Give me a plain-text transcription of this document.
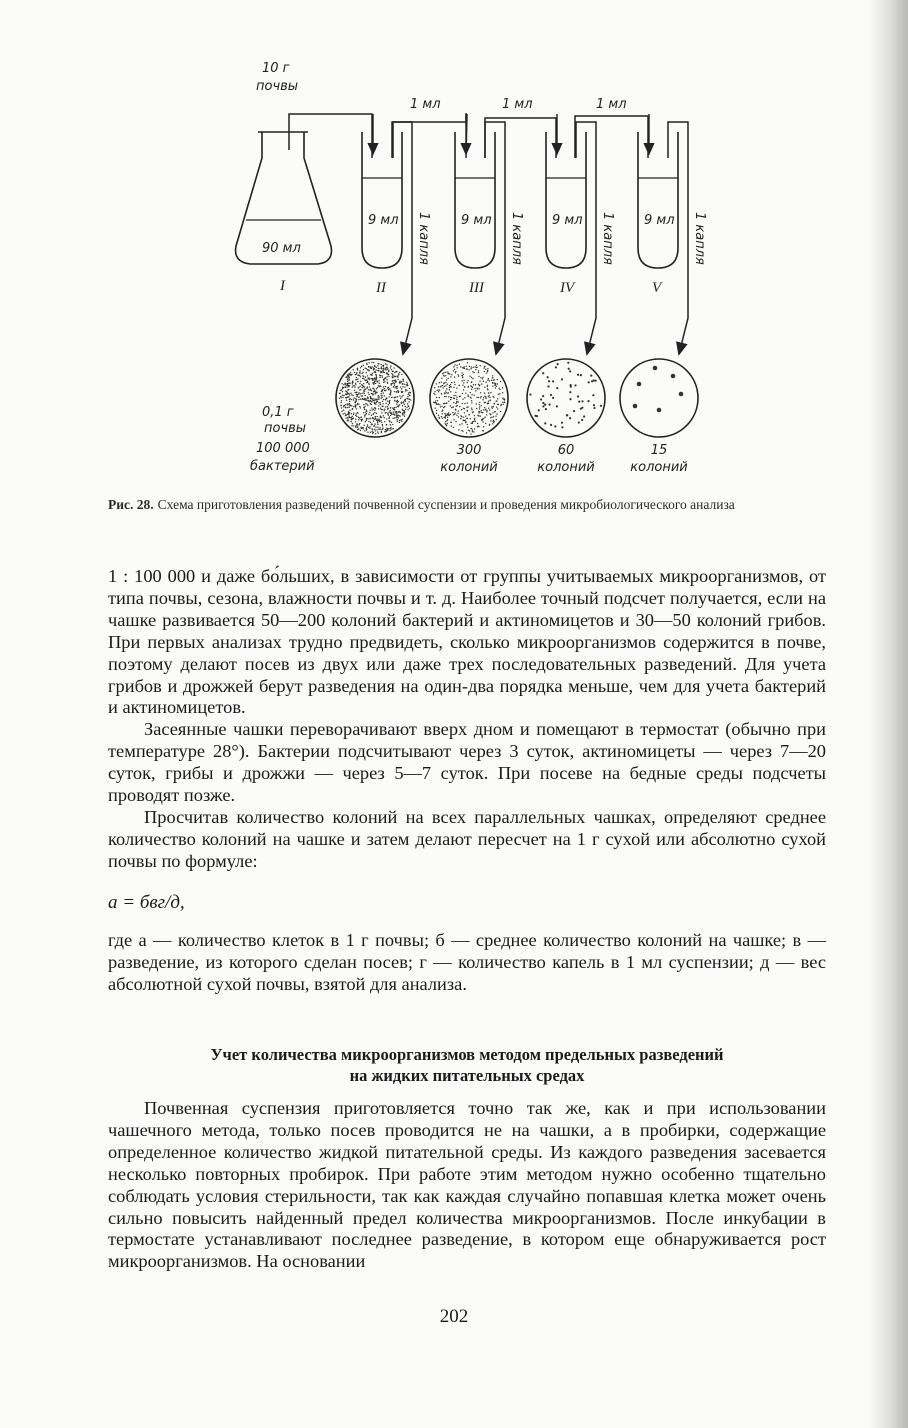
10 г
почвы
90 мл
I
1 мл	1 мл	1 мл
9 мл
II
1 капля 9 мл
III
1 капля 9 мл
IV
1 капля 9 мл
V
1 капля
0,1 г
почвы
100 000
бактерий
300
колоний
60
колоний
15
колоний
Рис. 28. Схема приготовления разведений почвенной суспензии и проведения микробиологического анализа

1 : 100 000 и даже бо́льших, в зависимости от группы учитываемых микроорганизмов, от типа почвы, сезона, влажности почвы и т. д. Наиболее точный подсчет получается, если на чашке развивается 50—200 колоний бактерий и актиномицетов и 30—50 колоний грибов. При первых анализах трудно предвидеть, сколько микроорганизмов содержится в почве, поэтому делают посев из двух или даже трех последовательных разведений. Для учета грибов и дрожжей берут разведения на один-два порядка меньше, чем для учета бактерий и актиномицетов.

Засеянные чашки переворачивают вверх дном и помещают в термостат (обычно при температуре 28°). Бактерии подсчитывают через 3 суток, актиномицеты — через 7—20 суток, грибы и дрожжи — через 5—7 суток. При посеве на бедные среды подсчеты проводят позже.

Просчитав количество колоний на всех параллельных чашках, определяют среднее количество колоний на чашке и затем делают пересчет на 1 г сухой или абсолютно сухой почвы по формуле:

а = бвг/д,

где а — количество клеток в 1 г почвы; б — среднее количество колоний на чашке; в — разведение, из которого сделан посев; г — количество капель в 1 мл суспензии; д — вес абсолютной сухой почвы, взятой для анализа.

Учет количества микроорганизмов методом предельных разведений
на жидких питательных средах

Почвенная суспензия приготовляется точно так же, как и при использовании чашечного метода, только посев проводится не на чашки, а в пробирки, содержащие определенное количество жидкой питательной среды. Из каждого разведения засевается несколько повторных пробирок. При работе этим методом нужно особенно тщательно соблюдать условия стерильности, так как каждая случайно попавшая клетка может очень сильно повысить найденный предел количества микроорганизмов. После инкубации в термостате устанавливают последнее разведение, в котором еще обнаруживается рост микроорганизмов. На основании

202
